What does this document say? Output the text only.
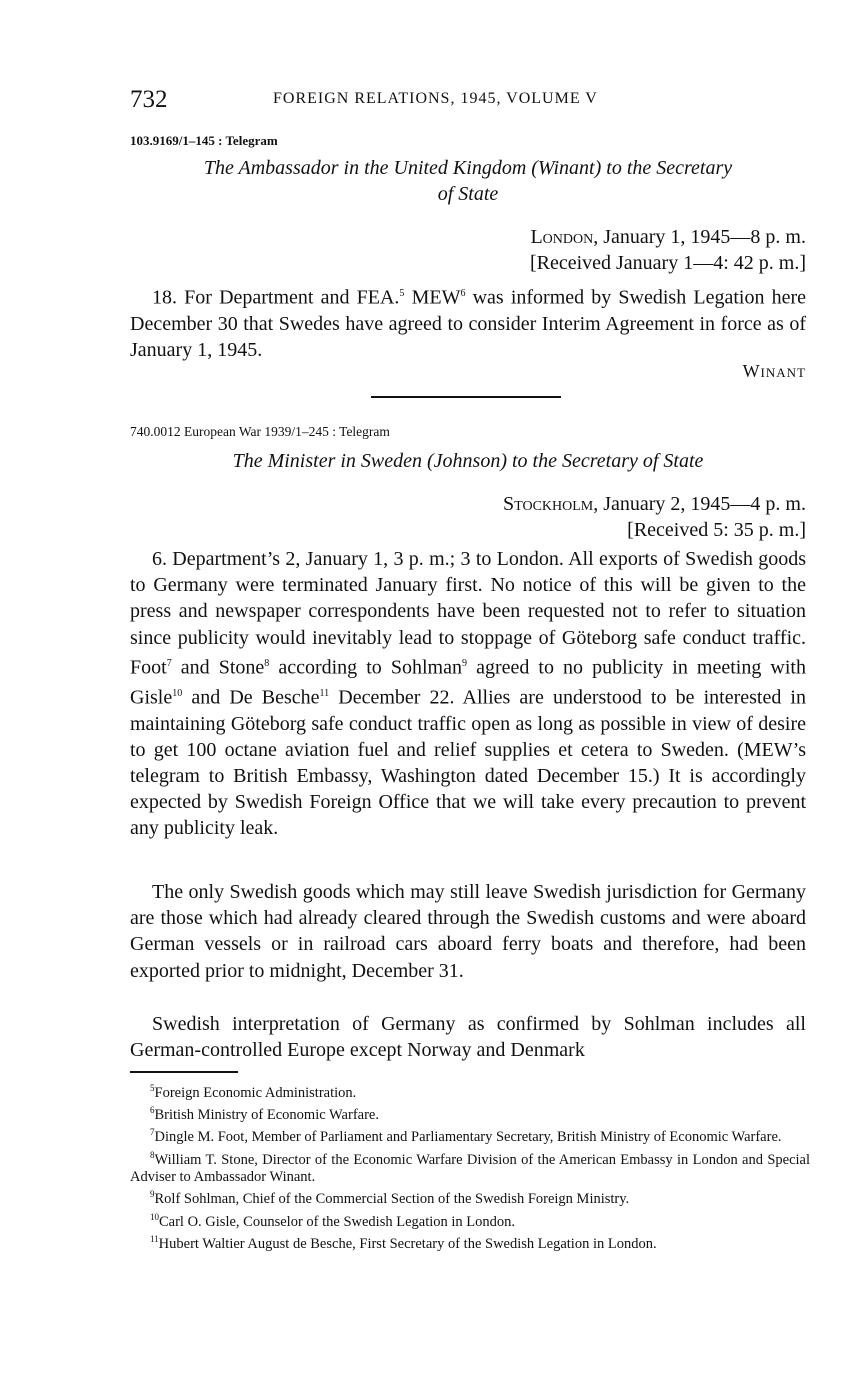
732	FOREIGN RELATIONS, 1945, VOLUME V
103.9169/1–145 : Telegram
The Ambassador in the United Kingdom (Winant) to the Secretary
of State
London, January 1, 1945—8 p. m.
[Received January 1—4: 42 p. m.]

18. For Department and FEA.$^5$ MEW$^6$ was informed by Swedish Legation here December 30 that Swedes have agreed to consider Interim Agreement in force as of January 1, 1945.

Winant
740.0012 European War 1939/1–245 : Telegram
The Minister in Sweden (Johnson) to the Secretary of State
Stockholm, January 2, 1945—4 p. m.
[Received 5: 35 p. m.]

6. Department’s 2, January 1, 3 p. m.; 3 to London. All exports of Swedish goods to Germany were terminated January first. No notice of this will be given to the press and newspaper correspondents have been requested not to refer to situation since publicity would inevitably lead to stoppage of Göteborg safe conduct traffic. Foot$^7$ and Stone$^8$ according to Sohlman$^9$ agreed to no publicity in meeting with Gisle$^{10}$ and De Besche$^{11}$ December 22. Allies are understood to be interested in maintaining Göteborg safe conduct traffic open as long as possible in view of desire to get 100 octane aviation fuel and relief supplies et cetera to Sweden. (MEW’s telegram to British Embassy, Washington dated December 15.) It is accordingly expected by Swedish Foreign Office that we will take every precaution to prevent any publicity leak.

The only Swedish goods which may still leave Swedish jurisdiction for Germany are those which had already cleared through the Swedish customs and were aboard German vessels or in railroad cars aboard ferry boats and therefore, had been exported prior to midnight, December 31.

Swedish interpretation of Germany as confirmed by Sohlman includes all German-controlled Europe except Norway and Denmark

$^5$Foreign Economic Administration.

$^6$British Ministry of Economic Warfare.

$^7$Dingle M. Foot, Member of Parliament and Parliamentary Secretary, British Ministry of Economic Warfare.

$^8$William T. Stone, Director of the Economic Warfare Division of the American Embassy in London and Special Adviser to Ambassador Winant.

$^9$Rolf Sohlman, Chief of the Commercial Section of the Swedish Foreign Ministry.

$^{10}$Carl O. Gisle, Counselor of the Swedish Legation in London.

$^{11}$Hubert Waltier August de Besche, First Secretary of the Swedish Legation in London.
